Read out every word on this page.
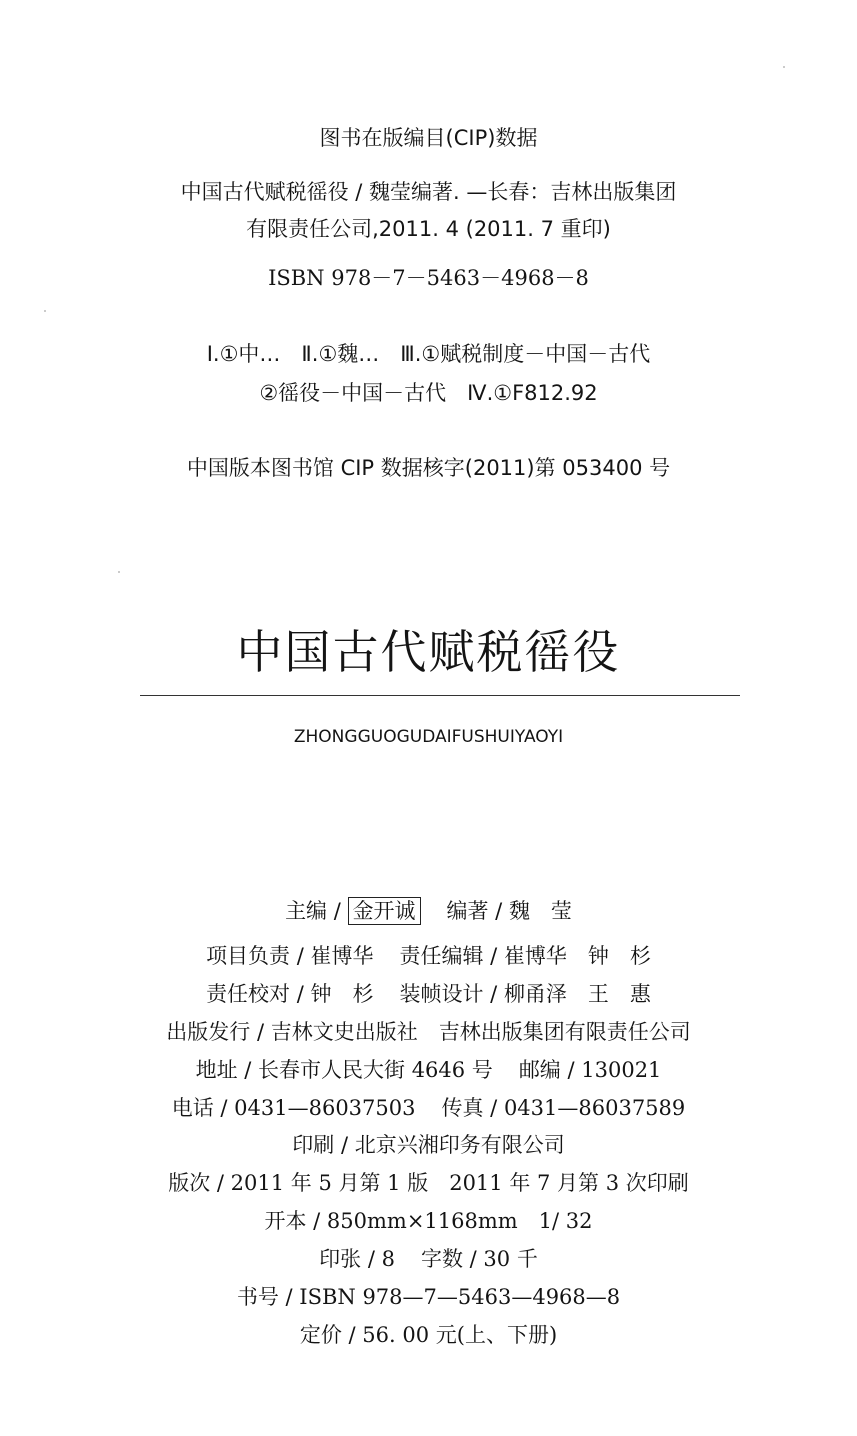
图书在版编目(CIP)数据
中国古代赋税徭役 / 魏莹编著. —长春：吉林出版集团
有限责任公司,2011. 4 (2011. 7 重印)
ISBN 978－7－5463－4968－8
Ⅰ.①中…　Ⅱ.①魏…　Ⅲ.①赋税制度－中国－古代
②徭役－中国－古代　Ⅳ.①F812.92
中国版本图书馆 CIP 数据核字(2011)第 053400 号
中国古代赋税徭役
ZHONGGUOGUDAIFUSHUIYAOYI
主编 / 金开诚 编著 / 魏　莹
项目负责 / 崔博华 责任编辑 / 崔博华　钟　杉
责任校对 / 钟　杉 装帧设计 / 柳甬泽　王　惠
出版发行 / 吉林文史出版社　吉林出版集团有限责任公司
地址 / 长春市人民大街 4646 号 邮编 / 130021
电话 / 0431—86037503 传真 / 0431—86037589
印刷 / 北京兴湘印务有限公司
版次 / 2011 年 5 月第 1 版　2011 年 7 月第 3 次印刷
开本 / 850mm×1168mm　1/ 32
印张 / 8 字数 / 30 千
书号 / ISBN 978—7—5463—4968—8
定价 / 56. 00 元(上、下册)
